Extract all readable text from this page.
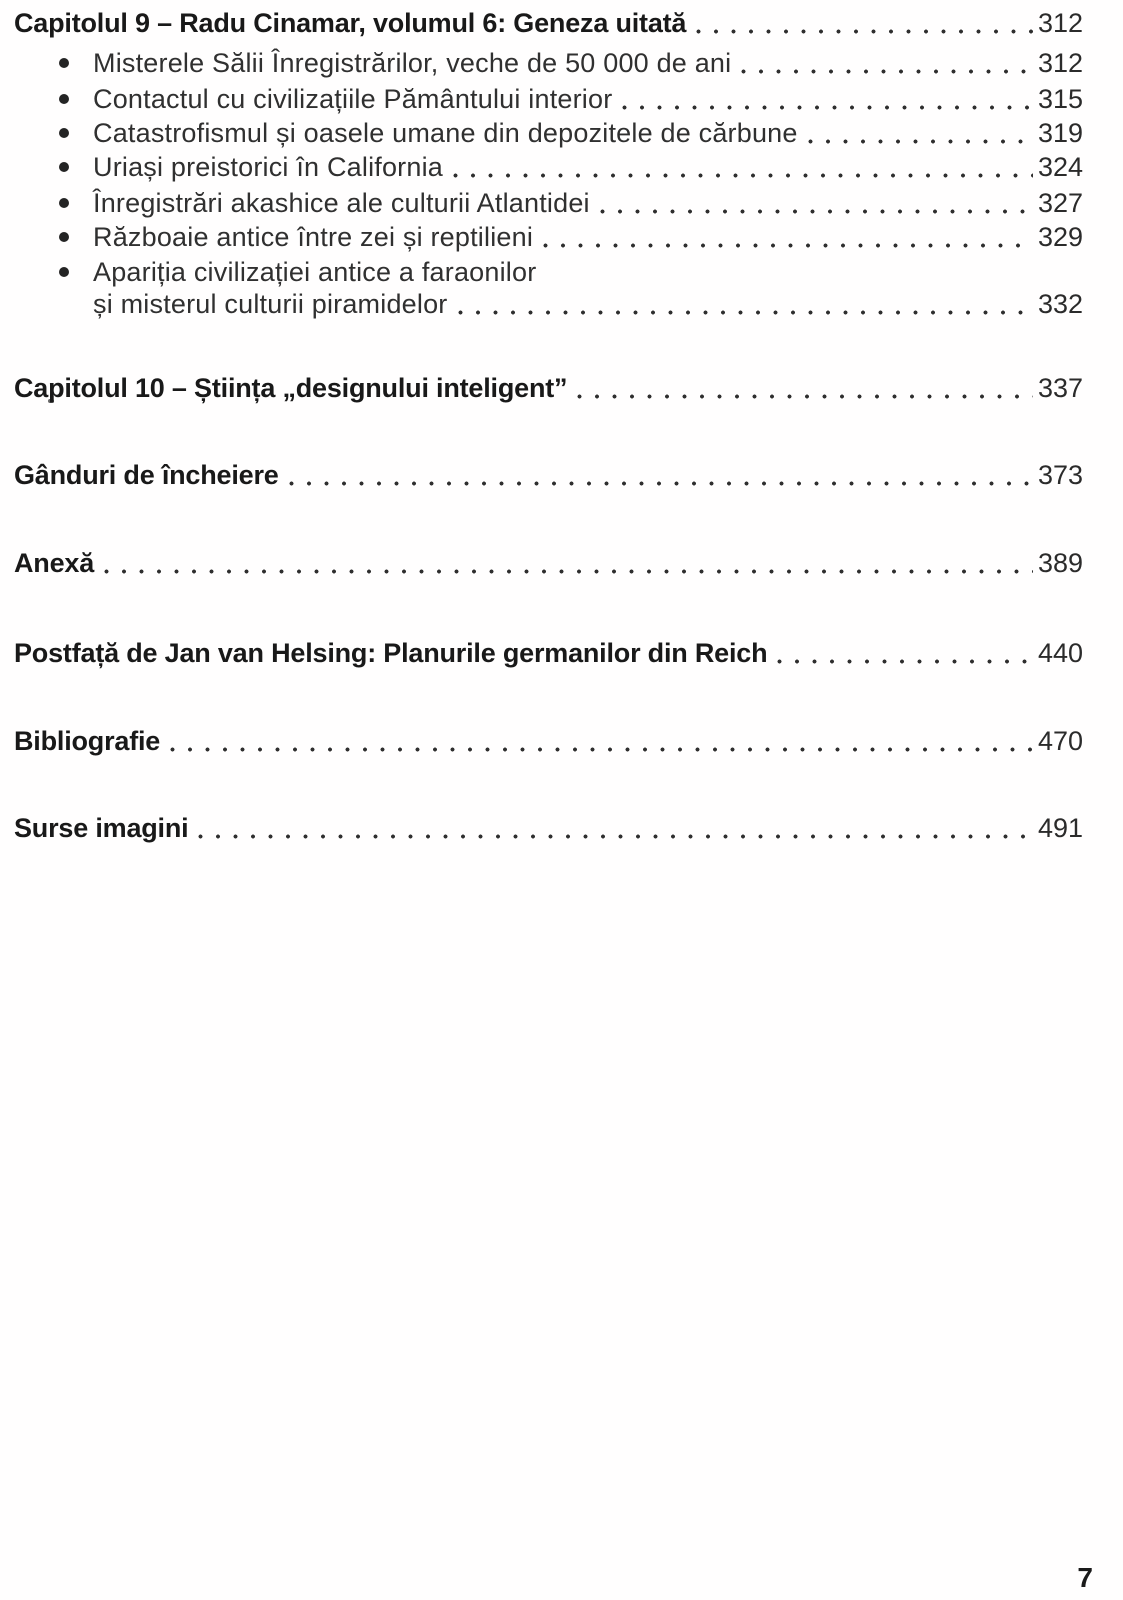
Capitolul 9 – Radu Cinamar, volumul 6: Geneza uitată	312
Misterele Sălii Înregistrărilor, veche de 50 000 de ani	312
Contactul cu civilizațiile Pământului interior	315
Catastrofismul și oasele umane din depozitele de cărbune	319
Uriași preistorici în California	324
Înregistrări akashice ale culturii Atlantidei	327
Războaie antice între zei și reptilieni	329
Apariția civilizației antice a faraonilor
și misterul culturii piramidelor	332
Capitolul 10 – Știința „designului inteligent”	337
Gânduri de încheiere	373
Anexă	389
Postfață de Jan van Helsing: Planurile germanilor din Reich	440
Bibliografie	470
Surse imagini	491
7
